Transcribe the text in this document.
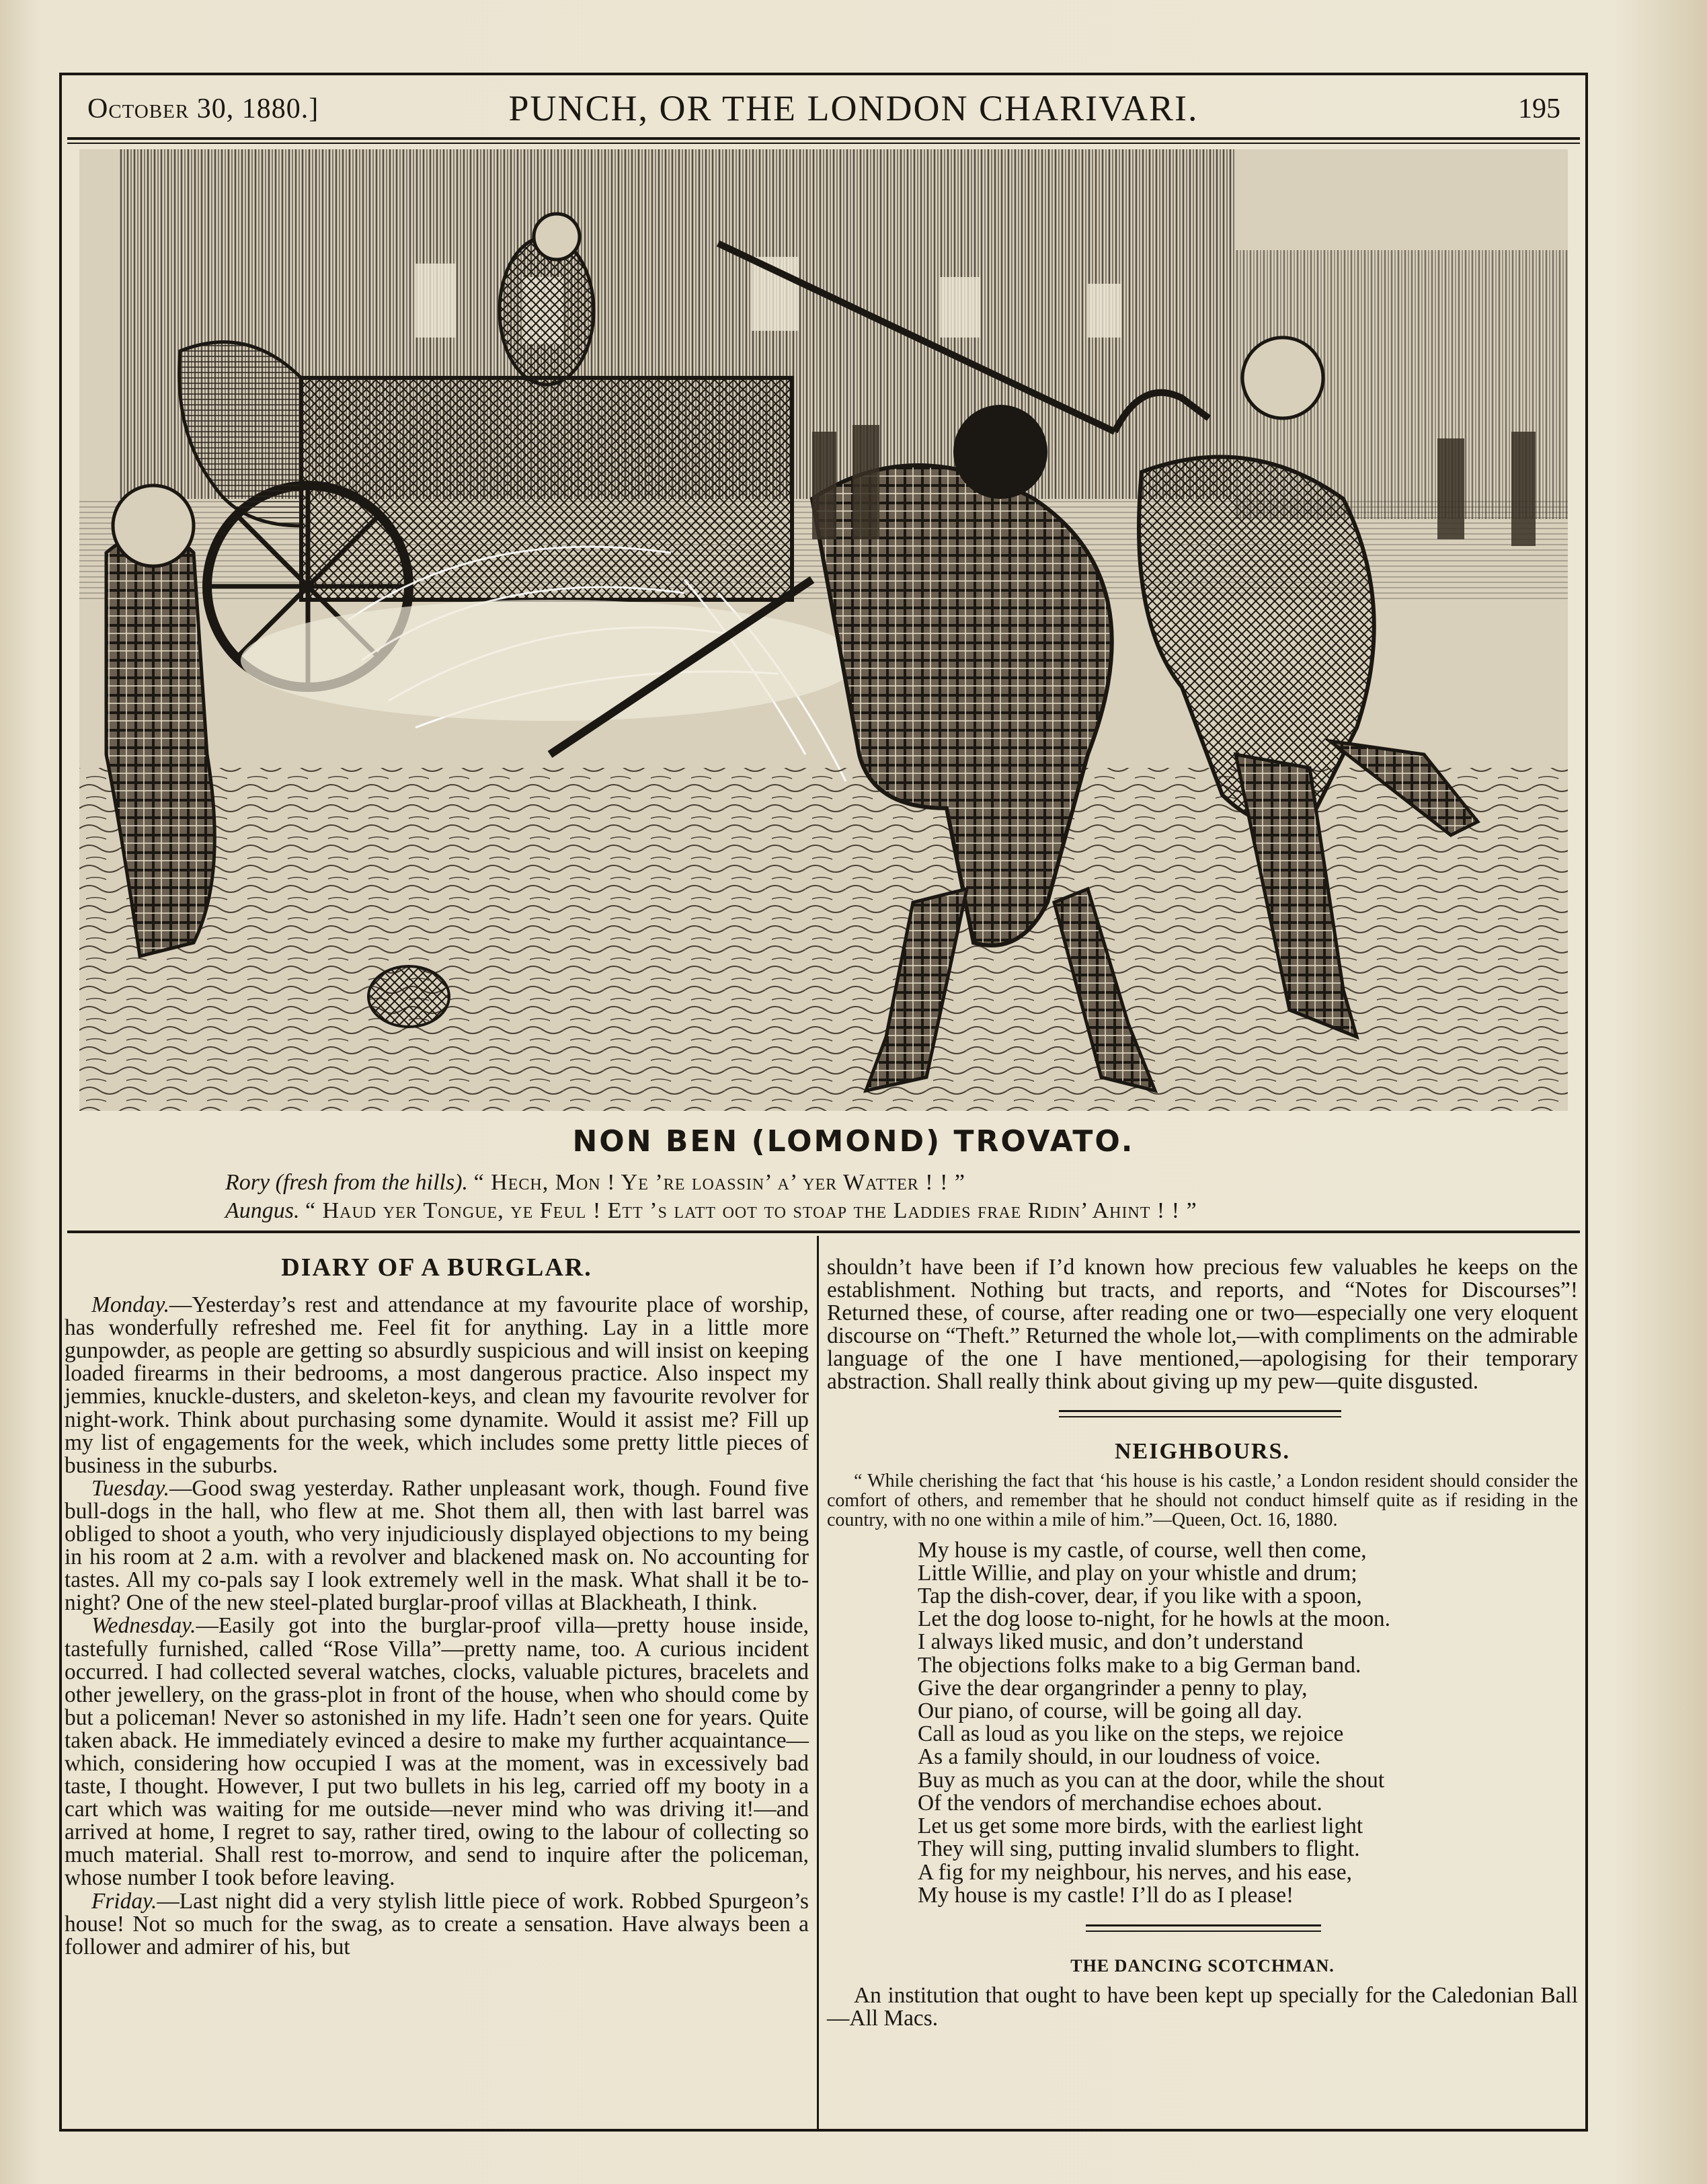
October 30, 1880.]	PUNCH, OR THE LONDON CHARIVARI.	195
NON BEN (LOMOND) TROVATO.
Rory (fresh from the hills). “ Hech, Mon ! Ye ’re loassin’ a’ yer Watter ! ! ”
Aungus. “ Haud yer Tongue, ye Feul ! Ett ’s latt oot to stoap the Laddies frae Ridin’ Ahint ! ! ”
DIARY OF A BURGLAR.

Monday.—Yesterday’s rest and attendance at my favourite place of worship, has wonderfully refreshed me. Feel fit for anything. Lay in a little more gunpowder, as people are getting so absurdly suspicious and will insist on keeping loaded firearms in their bedrooms, a most dangerous practice. Also inspect my jemmies, knuckle-dusters, and skeleton-keys, and clean my favourite revolver for night-work. Think about purchasing some dynamite. Would it assist me? Fill up my list of engagements for the week, which includes some pretty little pieces of business in the suburbs.

Tuesday.—Good swag yesterday. Rather unpleasant work, though. Found five bull-dogs in the hall, who flew at me. Shot them all, then with last barrel was obliged to shoot a youth, who very injudiciously displayed objections to my being in his room at 2 a.m. with a revolver and blackened mask on. No accounting for tastes. All my co-pals say I look extremely well in the mask. What shall it be to-night? One of the new steel-plated burglar-proof villas at Blackheath, I think.

Wednesday.—Easily got into the burglar-proof villa—pretty house inside, tastefully furnished, called “Rose Villa”—pretty name, too. A curious incident occurred. I had collected several watches, clocks, valuable pictures, bracelets and other jewellery, on the grass-plot in front of the house, when who should come by but a policeman! Never so astonished in my life. Hadn’t seen one for years. Quite taken aback. He immediately evinced a desire to make my further acquaintance—which, considering how occupied I was at the moment, was in excessively bad taste, I thought. However, I put two bullets in his leg, carried off my booty in a cart which was waiting for me outside—never mind who was driving it!—and arrived at home, I regret to say, rather tired, owing to the labour of collecting so much material. Shall rest to-morrow, and send to inquire after the policeman, whose number I took before leaving.

Friday.—Last night did a very stylish little piece of work. Robbed Spurgeon’s house! Not so much for the swag, as to create a sensation. Have always been a follower and admirer of his, but

shouldn’t have been if I’d known how precious few valuables he keeps on the establishment. Nothing but tracts, and reports, and “Notes for Discourses”! Returned these, of course, after reading one or two—especially one very eloquent discourse on “Theft.” Returned the whole lot,—with compliments on the admirable language of the one I have mentioned,—apologising for their temporary abstraction. Shall really think about giving up my pew—quite disgusted.

NEIGHBOURS.

“ While cherishing the fact that ‘his house is his castle,’ a London resident should consider the comfort of others, and remember that he should not conduct himself quite as if residing in the country, with no one within a mile of him.”—Queen, Oct. 16, 1880.

My house is my castle, of course, well then come,
Little Willie, and play on your whistle and drum;
Tap the dish-cover, dear, if you like with a spoon,
Let the dog loose to-night, for he howls at the moon.
I always liked music, and don’t understand
The objections folks make to a big German band.
Give the dear organgrinder a penny to play,
Our piano, of course, will be going all day.
Call as loud as you like on the steps, we rejoice
As a family should, in our loudness of voice.
Buy as much as you can at the door, while the shout
Of the vendors of merchandise echoes about.
Let us get some more birds, with the earliest light
They will sing, putting invalid slumbers to flight.
A fig for my neighbour, his nerves, and his ease,
My house is my castle! I’ll do as I please!
THE DANCING SCOTCHMAN.

An institution that ought to have been kept up specially for the Caledonian Ball—All Macs.
